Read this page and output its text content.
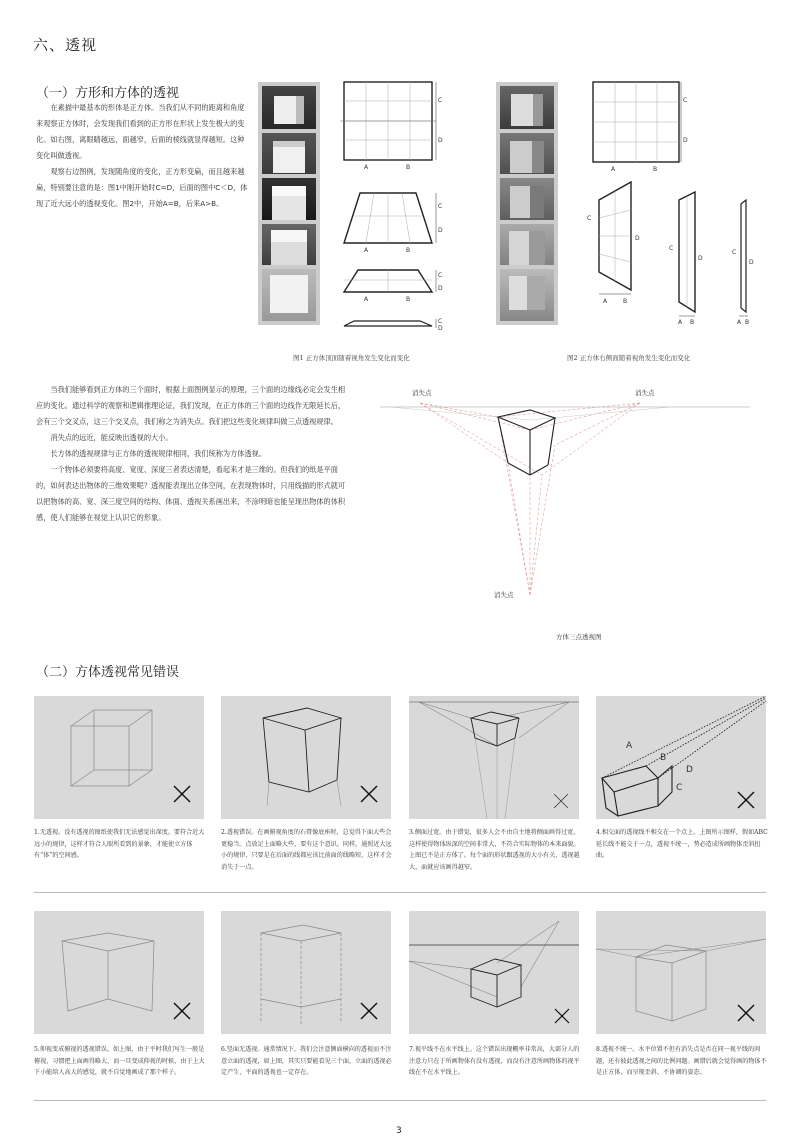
六、透视
（一）方形和方体的透视
在素描中最基本的形体是正方体。当我们从不同的距离和角度来观察正方体时，会发现我们看到的正方形在形状上发生极大的变化。如右图，离眼睛越远，面越窄，后面的棱线就显得越短。这种变化叫做透视。
观察右边图例，发现随角度的变化，正方形变扁，而且越来越扁，特别要注意的是：图1中刚开始时C=D，后面的图中C＜D，体现了近大远小的透视变化。图2中，开始A=B，后来A>B。
C
D
A	B
C
D
A	B
C
D
A	B
C
D
图1 正方体顶面随着视角发生变化而变化
C
D
A	B
C
D
A	B
C
D
A B
C
D
A B
图2 正方体右侧面随着视角发生变化而变化
当我们能够看到正方体的三个面时，根据上面图例显示的原理，三个面的边缘线必定会发生相应的变化。通过科学的观察和逻辑推理论证，我们发现，在正方体的三个面的边线作无限延长后，会有三个交叉点，这三个交叉点，我们称之为消失点。我们把这些变化规律叫做三点透视规律。
消失点的远近，能反映出透视的大小。
长方体的透视规律与正方体的透视规律相同，我们统称为方体透视。
一个物体必须要将高度、宽度、深度三者表达清楚，看起来才是三维的。但我们的纸是平面的，如何表达出物体的三维效果呢？透视能表现出立体空间，在表现物体时，只用线描的形式就可以把物体的高、宽、深三度空间的结构、体面、透视关系画出来，不涂明暗也能呈现出物体的体积感，使人们能够在视觉上认识它的形象。
消失点	消失点
消失点
方体三点透视图
（二）方体透视常见错误
A
B
D
C
1.无透视。没有透视的图纸使我们无法感觉出深度。要符合近大远小的规律，这样才符合人眼所看到的景象，才能使立方体有“体”的空间感。
2.透视错误。在画俯视角度的石膏像底座时，总觉得下面大些会更稳当。点放足上面略大些，要有这个意识。同样，通照近大远小的规律，只要是在后面的线都应该比前面的线略短，这样才会消失于一点。
3.侧面过宽。由于错觉，很多人会不由自主地将侧面画得过宽。这样使得物体纵深的空间非常大，不符合实际物体的本来面貌。上图已不是正方体了。每个面的形状跟透视的大小有关，透视越大，面就应该画得越窄。
4.相交面的透视线不相交在一个点上。上图所示图样，假如ABC延长线不能交于一点，透视不统一，势必造成所画物体歪斜扭曲。
5.仰视变成俯视的透视错误。如上图，由于平时我们写生一般是俯视，习惯把上面画得略大，而一旦变成仰视的时候，由于上大下小能给人高大的感觉，就不自觉地画成了那个样子。
6.竖面无透视。通常情况下，我们会注意侧面横向的透视而不注意立面的透视，如上图，其实只要能看见三个面，立面的透视必定产生，平面的透视也一定存在。
7.视平线不在水平线上。这个错误出现概率非常高，大部分人的注意力只在于所画物体有没有透视，而没有注意所画物体的视平线在不在水平线上。
8.透视不统一。水平位置不但有消失点是否在同一视平线的问题，还有彼此透视之间的比例问题。画错后就会觉得画的物体不是正方体，而呈现歪斜、不协调的姿态。
3
